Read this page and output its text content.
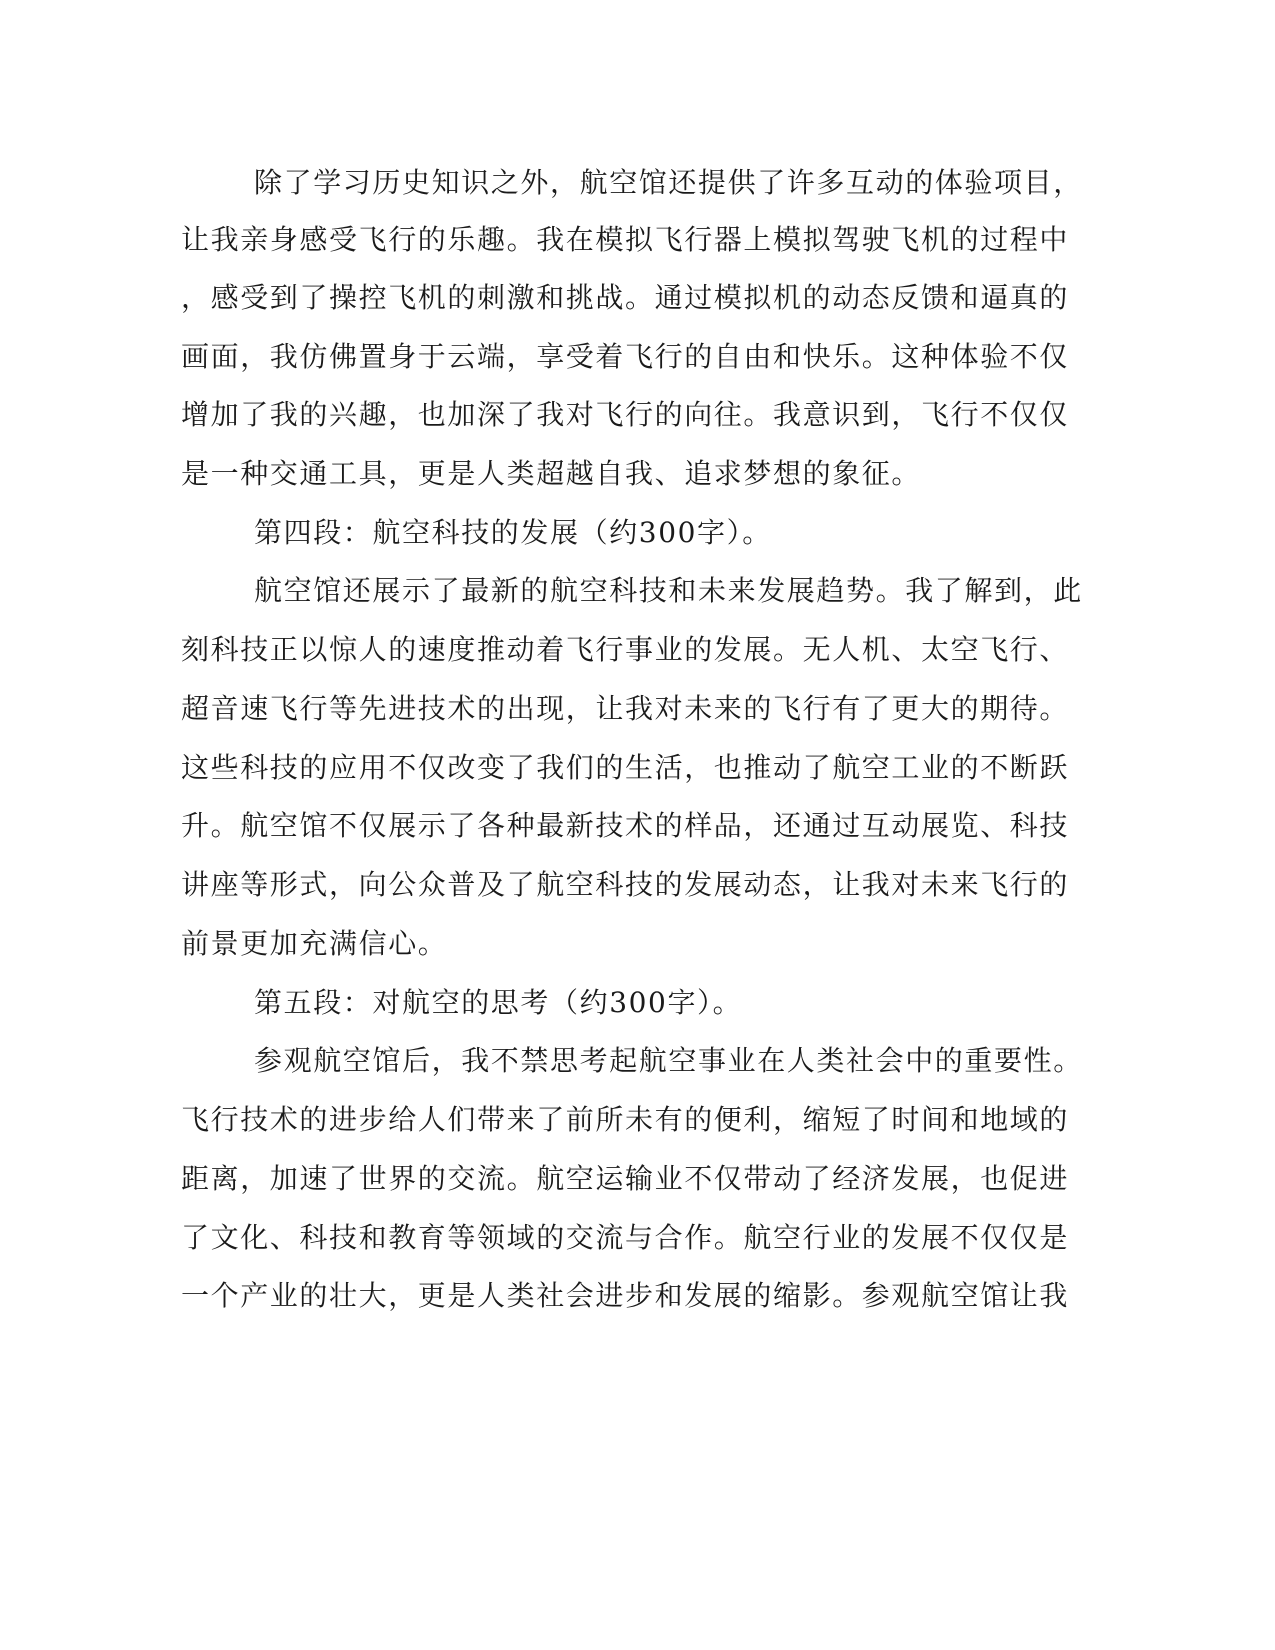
除了学习历史知识之外，航空馆还提供了许多互动的体验项目，
让我亲身感受飞行的乐趣。我在模拟飞行器上模拟驾驶飞机的过程中
，感受到了操控飞机的刺激和挑战。通过模拟机的动态反馈和逼真的
画面，我仿佛置身于云端，享受着飞行的自由和快乐。这种体验不仅
增加了我的兴趣，也加深了我对飞行的向往。我意识到，飞行不仅仅
是一种交通工具，更是人类超越自我、追求梦想的象征。
第四段：航空科技的发展（约300字）。
航空馆还展示了最新的航空科技和未来发展趋势。我了解到，此
刻科技正以惊人的速度推动着飞行事业的发展。无人机、太空飞行、
超音速飞行等先进技术的出现，让我对未来的飞行有了更大的期待。
这些科技的应用不仅改变了我们的生活，也推动了航空工业的不断跃
升。航空馆不仅展示了各种最新技术的样品，还通过互动展览、科技
讲座等形式，向公众普及了航空科技的发展动态，让我对未来飞行的
前景更加充满信心。
第五段：对航空的思考（约300字）。
参观航空馆后，我不禁思考起航空事业在人类社会中的重要性。
飞行技术的进步给人们带来了前所未有的便利，缩短了时间和地域的
距离，加速了世界的交流。航空运输业不仅带动了经济发展，也促进
了文化、科技和教育等领域的交流与合作。航空行业的发展不仅仅是
一个产业的壮大，更是人类社会进步和发展的缩影。参观航空馆让我
